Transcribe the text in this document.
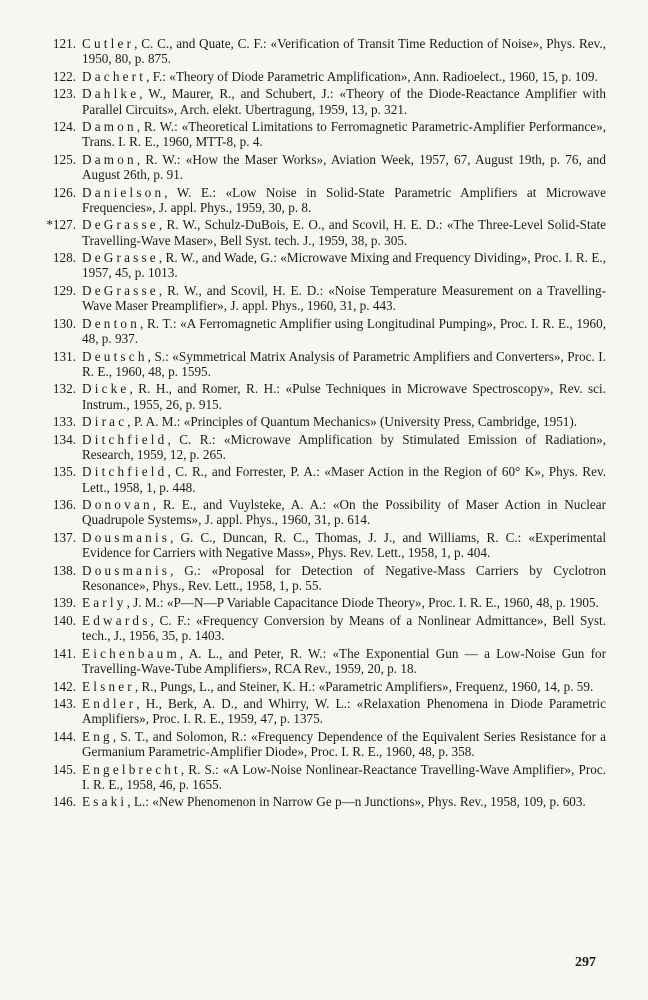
121. Cutler, C. C., and Quate, C. F.: «Verification of Transit Time Reduction of Noise», Phys. Rev., 1950, 80, p. 875.
122. Dachert, F.: «Theory of Diode Parametric Amplification», Ann. Radioelect., 1960, 15, p. 109.
123. Dahlke, W., Maurer, R., and Schubert, J.: «Theory of the Diode-Reactance Amplifier with Parallel Circuits», Arch. elekt. Ubertragung, 1959, 13, p. 321.
124. Damon, R. W.: «Theoretical Limitations to Ferromagnetic Parametric-Amplifier Performance», Trans. I. R. E., 1960, MTT-8, p. 4.
125. Damon, R. W.: «How the Maser Works», Aviation Week, 1957, 67, August 19th, p. 76, and August 26th, p. 91.
126. Danielson, W. E.: «Low Noise in Solid-State Parametric Amplifiers at Microwave Frequencies», J. appl. Phys., 1959, 30, p. 8.
*127. DeGrasse, R. W., Schulz-DuBois, E. O., and Scovil, H. E. D.: «The Three-Level Solid-State Travelling-Wave Maser», Bell Syst. tech. J., 1959, 38, p. 305.
128. DeGrasse, R. W., and Wade, G.: «Microwave Mixing and Frequency Dividing», Proc. I. R. E., 1957, 45, p. 1013.
129. DeGrasse, R. W., and Scovil, H. E. D.: «Noise Temperature Measurement on a Travelling-Wave Maser Preamplifier», J. appl. Phys., 1960, 31, p. 443.
130. Denton, R. T.: «A Ferromagnetic Amplifier using Longitudinal Pumping», Proc. I. R. E., 1960, 48, p. 937.
131. Deutsch, S.: «Symmetrical Matrix Analysis of Parametric Amplifiers and Converters», Proc. I. R. E., 1960, 48, p. 1595.
132. Dicke, R. H., and Romer, R. H.: «Pulse Techniques in Microwave Spectroscopy», Rev. sci. Instrum., 1955, 26, p. 915.
133. Dirac, P. A. M.: «Principles of Quantum Mechanics» (University Press, Cambridge, 1951).
134. Ditchfield, C. R.: «Microwave Amplification by Stimulated Emission of Radiation», Research, 1959, 12, p. 265.
135. Ditchfield, C. R., and Forrester, P. A.: «Maser Action in the Region of 60° K», Phys. Rev. Lett., 1958, 1, p. 448.
136. Donovan, R. E., and Vuylsteke, A. A.: «On the Possibility of Maser Action in Nuclear Quadrupole Systems», J. appl. Phys., 1960, 31, p. 614.
137. Dousmanis, G. C., Duncan, R. C., Thomas, J. J., and Williams, R. C.: «Experimental Evidence for Carriers with Negative Mass», Phys. Rev. Lett., 1958, 1, p. 404.
138. Dousmanis, G.: «Proposal for Detection of Negative-Mass Carriers by Cyclotron Resonance», Phys., Rev. Lett., 1958, 1, p. 55.
139. Early, J. M.: «P—N—P Variable Capacitance Diode Theory», Proc. I. R. E., 1960, 48, p. 1905.
140. Edwards, C. F.: «Frequency Conversion by Means of a Nonlinear Admittance», Bell Syst. tech., J., 1956, 35, p. 1403.
141. Eichenbaum, A. L., and Peter, R. W.: «The Exponential Gun — a Low-Noise Gun for Travelling-Wave-Tube Amplifiers», RCA Rev., 1959, 20, p. 18.
142. Elsner, R., Pungs, L., and Steiner, K. H.: «Parametric Amplifiers», Frequenz, 1960, 14, p. 59.
143. Endler, H., Berk, A. D., and Whirry, W. L.: «Relaxation Phenomena in Diode Parametric Amplifiers», Proc. I. R. E., 1959, 47, p. 1375.
144. Eng, S. T., and Solomon, R.: «Frequency Dependence of the Equivalent Series Resistance for a Germanium Parametric-Amplifier Diode», Proc. I. R. E., 1960, 48, p. 358.
145. Engelbrecht, R. S.: «A Low-Noise Nonlinear-Reactance Travelling-Wave Amplifier», Proc. I. R. E., 1958, 46, p. 1655.
146. Esaki, L.: «New Phenomenon in Narrow Ge p—n Junctions», Phys. Rev., 1958, 109, p. 603.
297
